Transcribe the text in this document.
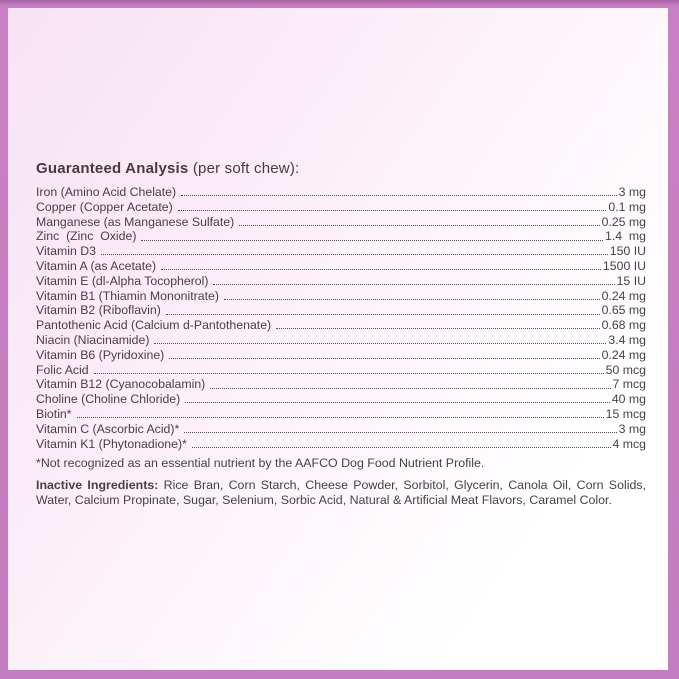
Guaranteed Analysis (per soft chew):
Iron (Amino Acid Chelate)	3 mg
Copper (Copper Acetate)	0.1 mg
Manganese (as Manganese Sulfate)	0.25 mg
Zinc  (Zinc  Oxide)	1.4  mg
Vitamin D3	150 IU
Vitamin A (as Acetate)	1500 IU
Vitamin E (dl-Alpha Tocopherol)	15 IU
Vitamin B1 (Thiamin Mononitrate)	0.24 mg
Vitamin B2 (Riboflavin)	0.65 mg
Pantothenic Acid (Calcium d-Pantothenate)	0.68 mg
Niacin (Niacinamide)	3.4 mg
Vitamin B6 (Pyridoxine)	0.24 mg
Folic Acid	50 mcg
Vitamin B12 (Cyanocobalamin)	7 mcg
Choline (Choline Chloride)	40 mg
Biotin*	15 mcg
Vitamin C (Ascorbic Acid)*	3 mg
Vitamin K1 (Phytonadione)*	4 mcg
*Not recognized as an essential nutrient by the AAFCO Dog Food Nutrient Profile.
Inactive Ingredients: Rice Bran, Corn Starch, Cheese Powder, Sorbitol, Glycerin, Canola Oil, Corn Solids, Water, Calcium Propinate, Sugar, Selenium, Sorbic Acid, Natural & Artificial Meat Flavors, Caramel Color.
